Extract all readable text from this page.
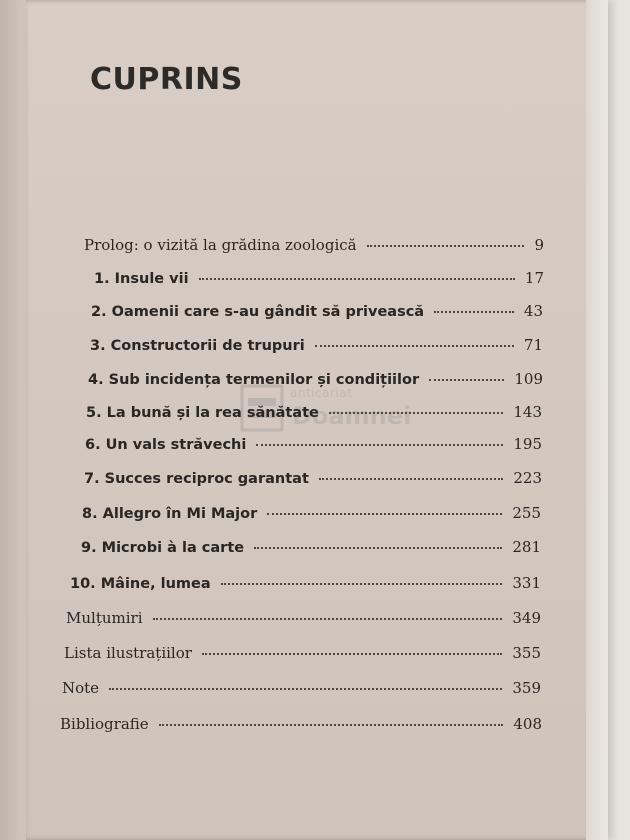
CUPRINS
anticariat
Doamnei
Prolog: o vizită la grădina zoologică	9
1. Insule vii	17
2. Oamenii care s-au gândit să privească	43
3. Constructorii de trupuri	71
4. Sub incidența termenilor și condițiilor	109
5. La bună și la rea sănătate	143
6. Un vals străvechi	195
7. Succes reciproc garantat	223
8. Allegro în Mi Major	255
9. Microbi à la carte	281
10. Mâine, lumea	331
Mulțumiri	349
Lista ilustrațiilor	355
Note	359
Bibliografie	408
